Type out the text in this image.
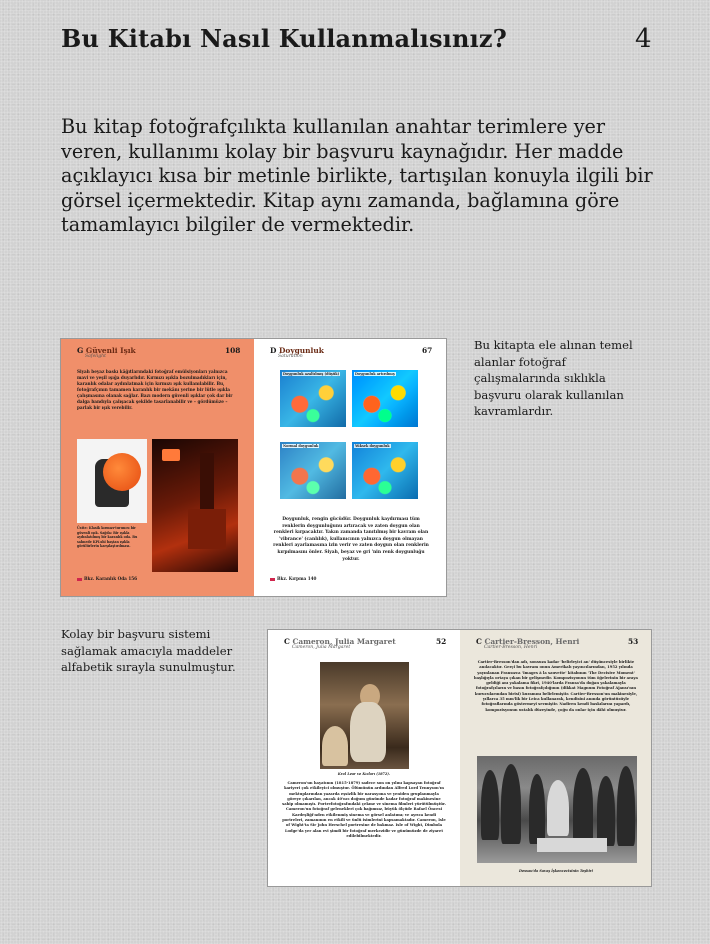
Bu Kitabı Nasıl Kullanmalısınız?	4
Bu kitap fotoğrafçılıkta kullanılan anahtar terimlere yer veren, kullanımı kolay bir başvuru kaynağıdır. Her madde açıklayıcı kısa bir metinle birlikte, tartışılan konuyla ilgili bir görsel içermektedir. Kitap aynı zamanda, bağlamına göre tamamlayıcı bilgiler de vermektedir.
G Güvenli Işık
Safelight
108
Siyah beyaz baskı kâğıtlarındaki fotoğraf emülsiyonları yalnızca mavi ve yeşil ışığa duyarlıdır. Kırmızı ışıkla bozulmadıkları için, karanlık odalar aydınlatmak için kırmızı ışık kullanılabilir. Bu, fotoğrafçının tamamen karanlık bir mekânı yerine bir lütle ışıkla çalışmasına olanak sağlar. Bazı modern güvenli ışıklar çok dar bir dalga bandıyla çalışacak şekilde tasarlanabilir ve – gördümüze – parlak bir ışık verebilir.
Üstte: Klasik kırmızı-turuncu bir güvenli ışık. Sağda: Bir ışıkla aydınlatılmış bir karanlık oda. Bu sahnede KPLxhi baştan ışıkla görülürlerin karşılaştırılması.
Bkz. Karanlık Oda 156
D Doygunluk
Saturation
67
Doygunluk azaltılmış (düşük)	Doygunluk artırılmış
Normal doygunluk	Yüksek doygunluk
Doygunluk, rengin gücüdür. Doygunluk kaydırması tüm renklerin doygunluğunu artıracak ve zaten doygun olan renkleri kırpacaktır. Yakın zamanda tanıtılmış bir kavram olan 'vibrance' (canlılık), kullanıcının yalnızca doygun olmayan renkleri ayarlamasına izin verir ve zaten doygun olan renklerin kırpılmasını önler. Siyah, beyaz ve gri 'nin renk doygunluğu yoktur.
Bkz. Kırpma 140
Bu kitapta ele alınan temel alanlar fotoğraf çalışmalarında sıklıkla başvuru olarak kullanılan kavramlardır.
Kolay bir başvuru sistemi sağlamak amacıyla maddeler alfabetik sırayla sunulmuştur.
C Cameron, Julia Margaret
Cameron, Julia Margaret
52
Kral Lear ve Kızları (1872).
Cameron'un hayatının (1815-1879) sadece son on yılını kapsayan fotoğraf kariyeri çok etkileyici olmuştur. Ölümünün ardından Alfred Lord Tennyson'ın mektuplarından yazarda eşsizlik bir narasyona ve yeniden gruplanmayla göreye çıkarılan, ancak 40'ncı doğum gününde kadar fotoğraf makinesine sahip olmamıştı. Portrefotoğrafındaki çekme ve sinema filmleri yürütülmüştür. Cameron'un fotoğraf gelenekleri çok bağımsız, büyük ölçüde Rafael Öncesi Kardeşliği'nden etkilenmiş sinema ve görsel anlatımı; ve ayrıca kendi portreleri, zamanının en etkili ve ünlü isimlerini kapsamaktadır. Cameron, Isle of Wight'ta Sir John Herschel portresine de bakmaz. Isle of Wight, Dimbola Lodge'da yer alan evi şimdi bir fotoğraf merkezidir ve günümüzde de ziyaret edilebilmektedir.
C Cartier-Bresson, Henri
Cartier-Bresson, Henri
53
Cartier-Bresson'dan adı, sonsuza kadar 'belirleyici an' düşüncesiyle birlikte anılacaktır. Gerçi bu kavram onun Amerikalı yayıncılarından, 1952 yılında yayınlanan Fransızca 'Images à la sauvette' kitabının 'The Decisive Moment' başlığıyla ortaya çıkan bir gelişmedir. Kompozisyonun tüm öğelerinin bir araya geldiği anı yakalama fikri, 1940'larda Fransa'da doğan yakalamayla fotoğrafçıların ve basın fotoğrafçılığının (dikkat Magnum Fotoğraf Ajansı'nın kurucularından birisi) kuramını belirlemiştir. Cartier-Bresson'un makinesiyle, yıllarca 35 mm'lik bir Leica kullanarak, kendisini anında görüntüsüyle fotoğraflarında göstermeyi sevmiştir. Nadiren kendi baskılarını yapardı, kompozisyonun ustalık düzeyinde, çoğu da onlar için dâhi olmuştur.
Dessau'da Savaş İşkencecisinin Teşhiri
